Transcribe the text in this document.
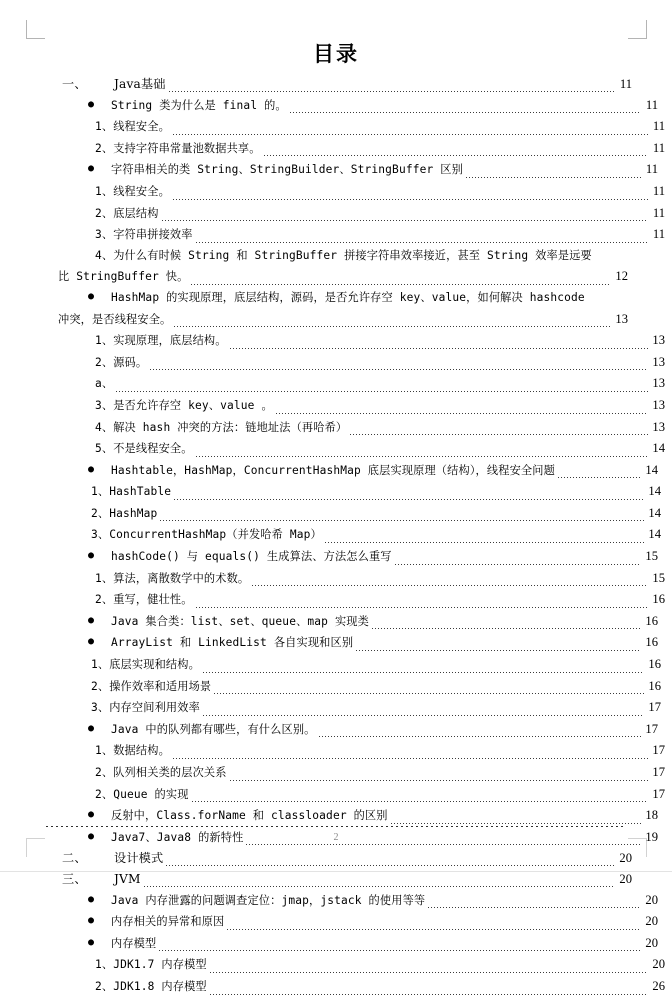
目录
一、	Java基础	11
●	String 类为什么是 final 的。	11
1、线程安全。	11
2、支持字符串常量池数据共享。	11
●	字符串相关的类 String、StringBuilder、StringBuffer 区别	11
1、线程安全。	11
2、底层结构	11
3、字符串拼接效率	11
4、为什么有时候 String 和 StringBuffer 拼接字符串效率接近，甚至 String 效率是远要
比 StringBuffer 快。	12
●	HashMap 的实现原理，底层结构，源码，是否允许存空 key、value，如何解决 hashcode
冲突，是否线程安全。	13
1、实现原理，底层结构。	13
2、源码。	13
a、	13
3、是否允许存空 key、value 。	13
4、解决 hash 冲突的方法：链地址法（再哈希）	13
5、不是线程安全。	14
●	Hashtable，HashMap，ConcurrentHashMap 底层实现原理（结构），线程安全问题	14
1、HashTable	14
2、HashMap	14
3、ConcurrentHashMap（并发哈希 Map）	14
●	hashCode() 与 equals() 生成算法、方法怎么重写	15
1、算法，离散数学中的术数。	15
2、重写，健壮性。	16
●	Java 集合类：list、set、queue、map 实现类	16
●	ArrayList 和 LinkedList 各自实现和区别	16
1、底层实现和结构。	16
2、操作效率和适用场景	16
3、内存空间利用效率	17
●	Java 中的队列都有哪些，有什么区别。	17
1、数据结构。	17
2、队列相关类的层次关系	17
2、Queue 的实现	17
●	反射中，Class.forName 和 classloader 的区别	18
●	Java7、Java8 的新特性	19
二、	设计模式	20
三、	JVM	20
●	Java 内存泄露的问题调查定位：jmap，jstack 的使用等等	20
●	内存相关的异常和原因	20
●	内存模型	20
1、JDK1.7 内存模型	20
2、JDK1.8 内存模型	26
2
